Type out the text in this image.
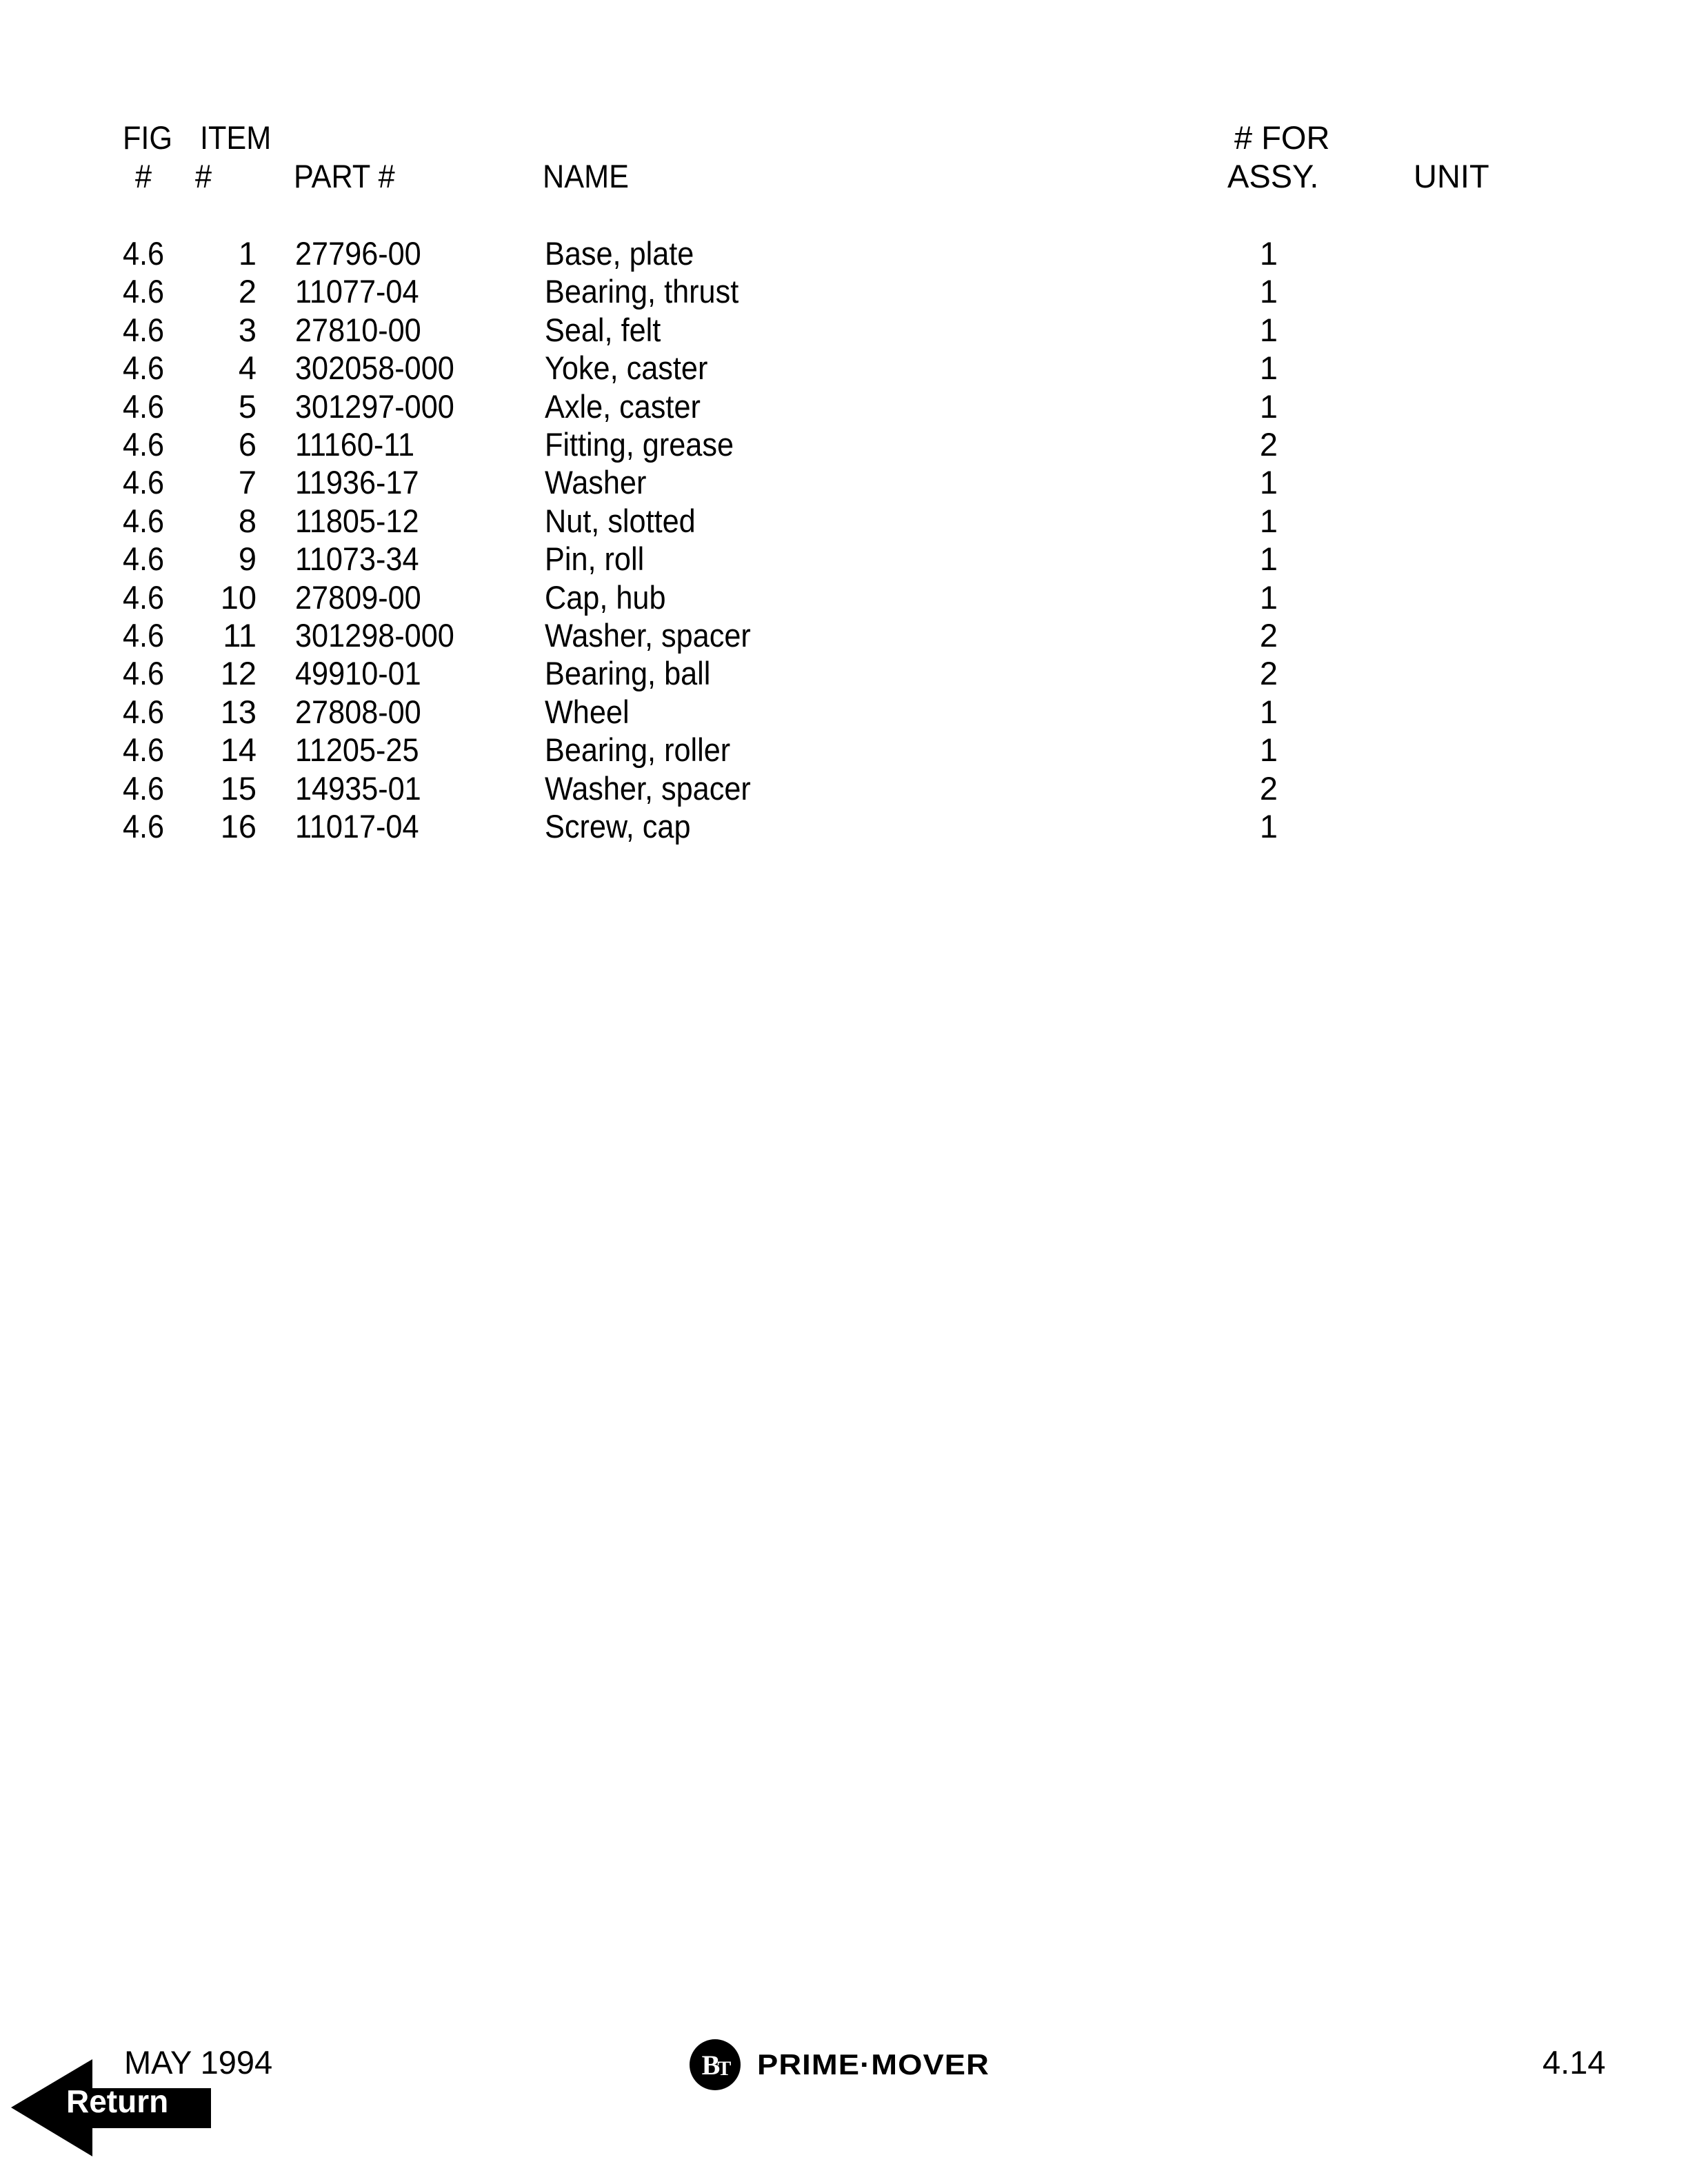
FIG ITEM
# #	PART #	NAME
# FOR
ASSY.	UNIT
4.6	1 27796-00	Base, plate	1
4.6	2 11077-04	Bearing, thrust	1
4.6	3 27810-00	Seal, felt	1
4.6	4 302058-000	Yoke, caster	1
4.6	5 301297-000	Axle, caster	1
4.6	6 11160-11	Fitting, grease	2
4.6	7 11936-17	Washer	1
4.6	8 11805-12	Nut, slotted	1
4.6	9 11073-34	Pin, roll	1
4.6	10 27809-00	Cap, hub	1
4.6	11 301298-000	Washer, spacer	2
4.6	12 49910-01	Bearing, ball	2
4.6	13 27808-00	Wheel	1
4.6	14 11205-25	Bearing, roller	1
4.6	15 14935-01	Washer, spacer	2
4.6	16 11017-04	Screw, cap	1
MAY 1994	B T PRIME·MOVER	4.14
Return
